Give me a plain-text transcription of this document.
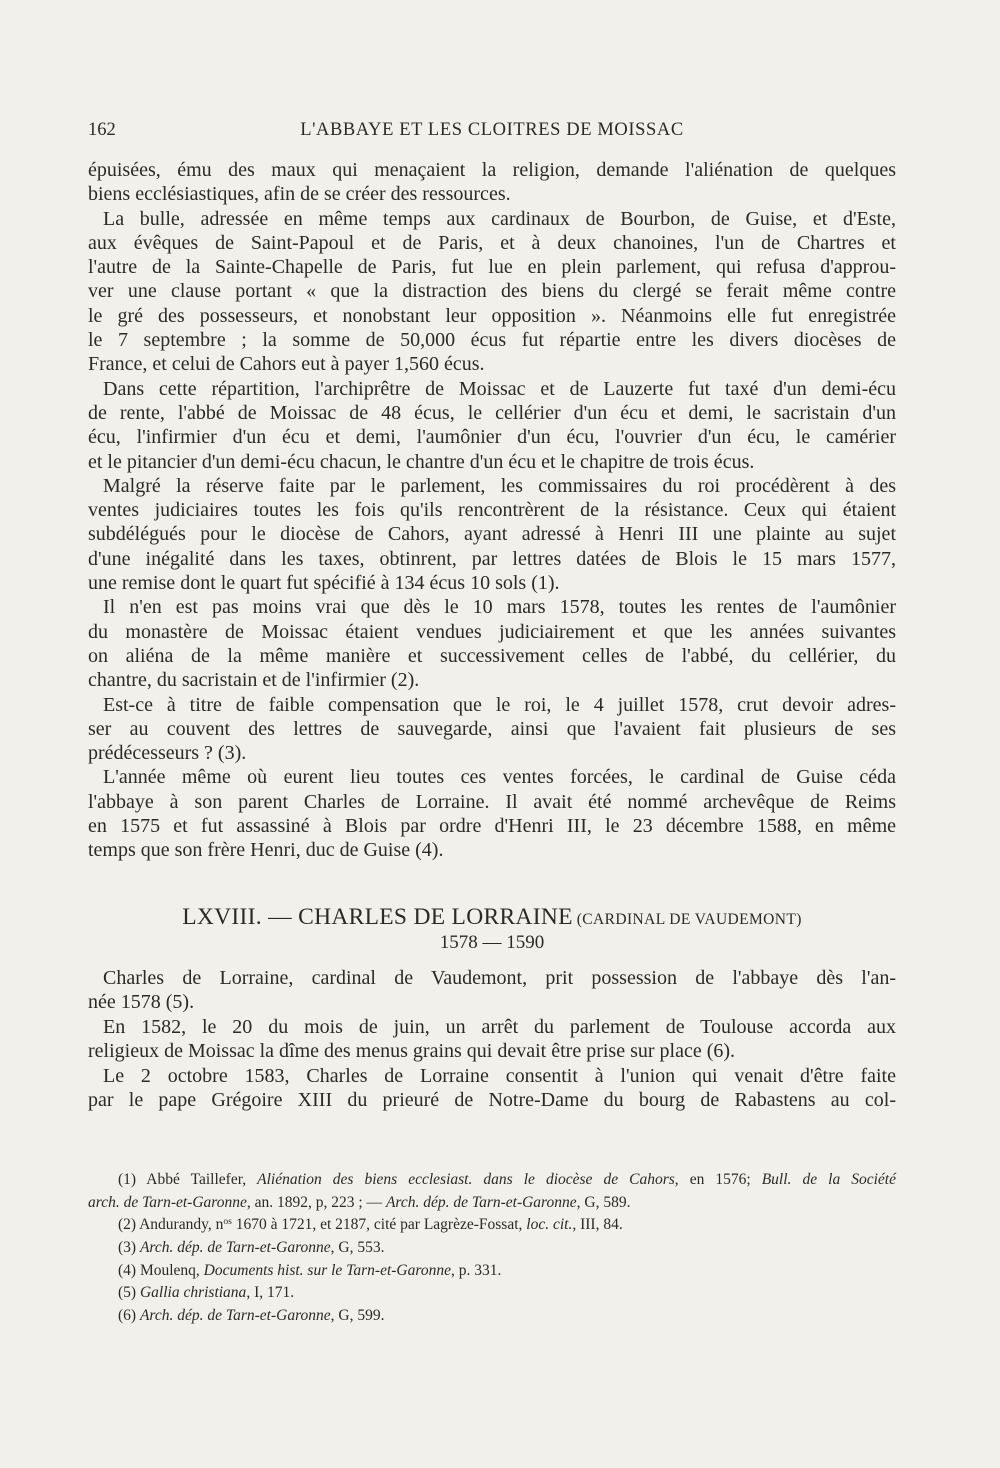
162	L'ABBAYE ET LES CLOITRES DE MOISSAC
épuisées, ému des maux qui menaçaient la religion, demande l'aliénation de quelques
biens ecclésiastiques, afin de se créer des ressources.
La bulle, adressée en même temps aux cardinaux de Bourbon, de Guise, et d'Este,
aux évêques de Saint-Papoul et de Paris, et à deux chanoines, l'un de Chartres et
l'autre de la Sainte-Chapelle de Paris, fut lue en plein parlement, qui refusa d'approu-
ver une clause portant « que la distraction des biens du clergé se ferait même contre
le gré des possesseurs, et nonobstant leur opposition ». Néanmoins elle fut enregistrée
le 7 septembre ; la somme de 50,000 écus fut répartie entre les divers diocèses de
France, et celui de Cahors eut à payer 1,560 écus.
Dans cette répartition, l'archiprêtre de Moissac et de Lauzerte fut taxé d'un demi-écu
de rente, l'abbé de Moissac de 48 écus, le cellérier d'un écu et demi, le sacristain d'un
écu, l'infirmier d'un écu et demi, l'aumônier d'un écu, l'ouvrier d'un écu, le camérier
et le pitancier d'un demi-écu chacun, le chantre d'un écu et le chapitre de trois écus.
Malgré la réserve faite par le parlement, les commissaires du roi procédèrent à des
ventes judiciaires toutes les fois qu'ils rencontrèrent de la résistance. Ceux qui étaient
subdélégués pour le diocèse de Cahors, ayant adressé à Henri III une plainte au sujet
d'une inégalité dans les taxes, obtinrent, par lettres datées de Blois le 15 mars 1577,
une remise dont le quart fut spécifié à 134 écus 10 sols (1).
Il n'en est pas moins vrai que dès le 10 mars 1578, toutes les rentes de l'aumônier
du monastère de Moissac étaient vendues judiciairement et que les années suivantes
on aliéna de la même manière et successivement celles de l'abbé, du cellérier, du
chantre, du sacristain et de l'infirmier (2).
Est-ce à titre de faible compensation que le roi, le 4 juillet 1578, crut devoir adres-
ser au couvent des lettres de sauvegarde, ainsi que l'avaient fait plusieurs de ses
prédécesseurs ? (3).
L'année même où eurent lieu toutes ces ventes forcées, le cardinal de Guise céda
l'abbaye à son parent Charles de Lorraine. Il avait été nommé archevêque de Reims
en 1575 et fut assassiné à Blois par ordre d'Henri III, le 23 décembre 1588, en même
temps que son frère Henri, duc de Guise (4).
LXVIII. — CHARLES DE LORRAINE (CARDINAL DE VAUDEMONT)
1578 — 1590
Charles de Lorraine, cardinal de Vaudemont, prit possession de l'abbaye dès l'an-
née 1578 (5).
En 1582, le 20 du mois de juin, un arrêt du parlement de Toulouse accorda aux
religieux de Moissac la dîme des menus grains qui devait être prise sur place (6).
Le 2 octobre 1583, Charles de Lorraine consentit à l'union qui venait d'être faite
par le pape Grégoire XIII du prieuré de Notre-Dame du bourg de Rabastens au col-
(1) Abbé Taillefer, Aliénation des biens ecclesiast. dans le diocèse de Cahors, en 1576; Bull. de la Société
arch. de Tarn-et-Garonne, an. 1892, p, 223 ; — Arch. dép. de Tarn-et-Garonne, G, 589.
(2) Andurandy, $n^{os}$ 1670 à 1721, et 2187, cité par Lagrèze-Fossat, loc. cit., III, 84.
(3) Arch. dép. de Tarn-et-Garonne, G, 553.
(4) Moulenq, Documents hist. sur le Tarn-et-Garonne, p. 331.
(5) Gallia christiana, I, 171.
(6) Arch. dép. de Tarn-et-Garonne, G, 599.
